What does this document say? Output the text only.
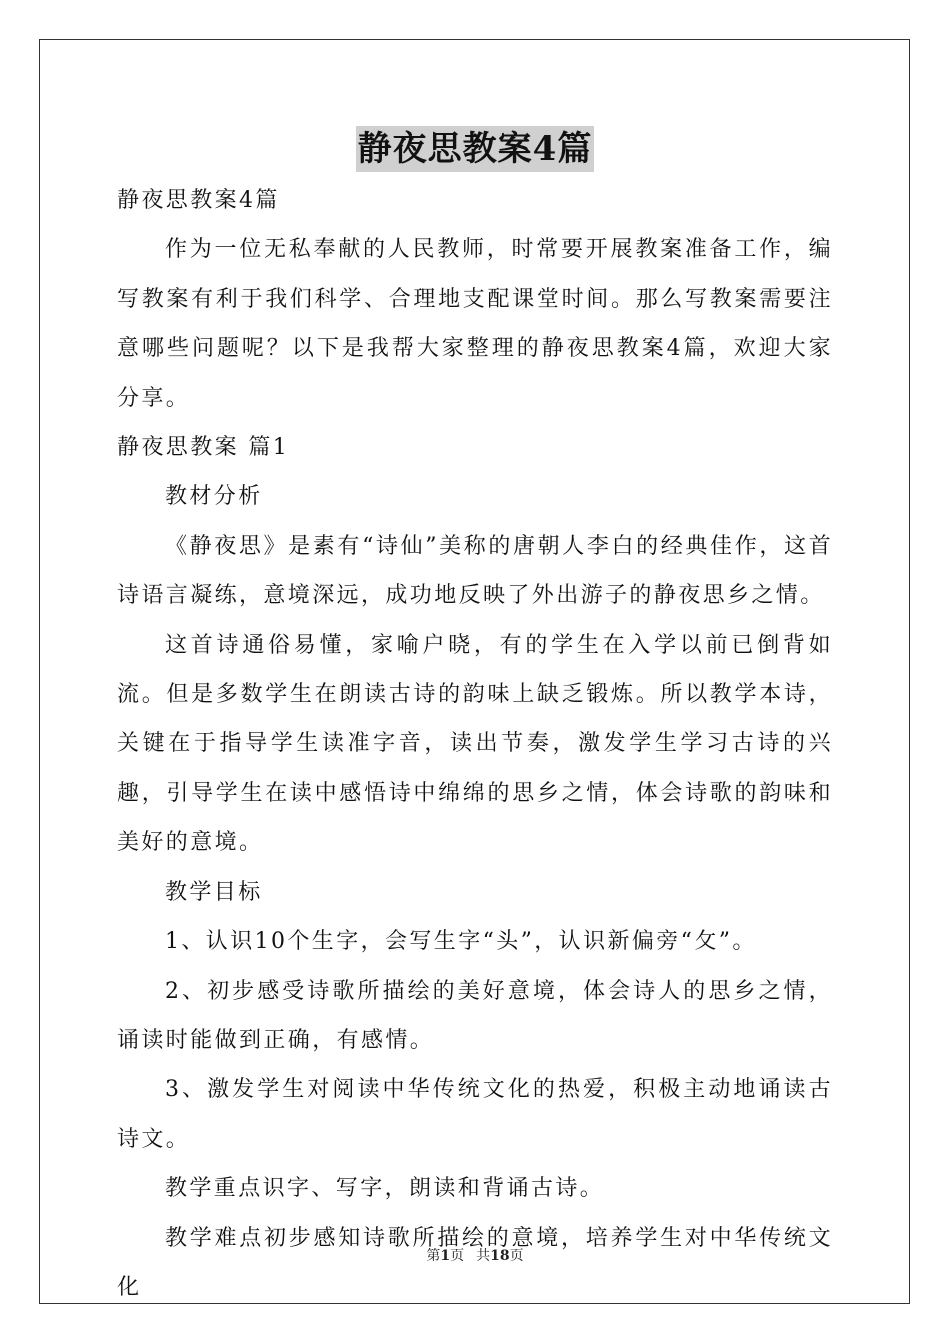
静夜思教案4篇

静夜思教案4篇

作为一位无私奉献的人民教师，时常要开展教案准备工作，编写教案有利于我们科学、合理地支配课堂时间。那么写教案需要注意哪些问题呢？以下是我帮大家整理的静夜思教案4篇，欢迎大家分享。

静夜思教案 篇1

教材分析

《静夜思》是素有“诗仙”美称的唐朝人李白的经典佳作，这首诗语言凝练，意境深远，成功地反映了外出游子的静夜思乡之情。

这首诗通俗易懂，家喻户晓，有的学生在入学以前已倒背如流。但是多数学生在朗读古诗的韵味上缺乏锻炼。所以教学本诗，关键在于指导学生读准字音，读出节奏，激发学生学习古诗的兴趣，引导学生在读中感悟诗中绵绵的思乡之情，体会诗歌的韵味和美好的意境。

教学目标

1、认识10个生字，会写生字“头”，认识新偏旁“攵”。

2、初步感受诗歌所描绘的美好意境，体会诗人的思乡之情，诵读时能做到正确，有感情。

3、激发学生对阅读中华传统文化的热爱，积极主动地诵读古诗文。

教学重点识字、写字，朗读和背诵古诗。

教学难点初步感知诗歌所描绘的意境，培养学生对中华传统文化

第1页 共18页
